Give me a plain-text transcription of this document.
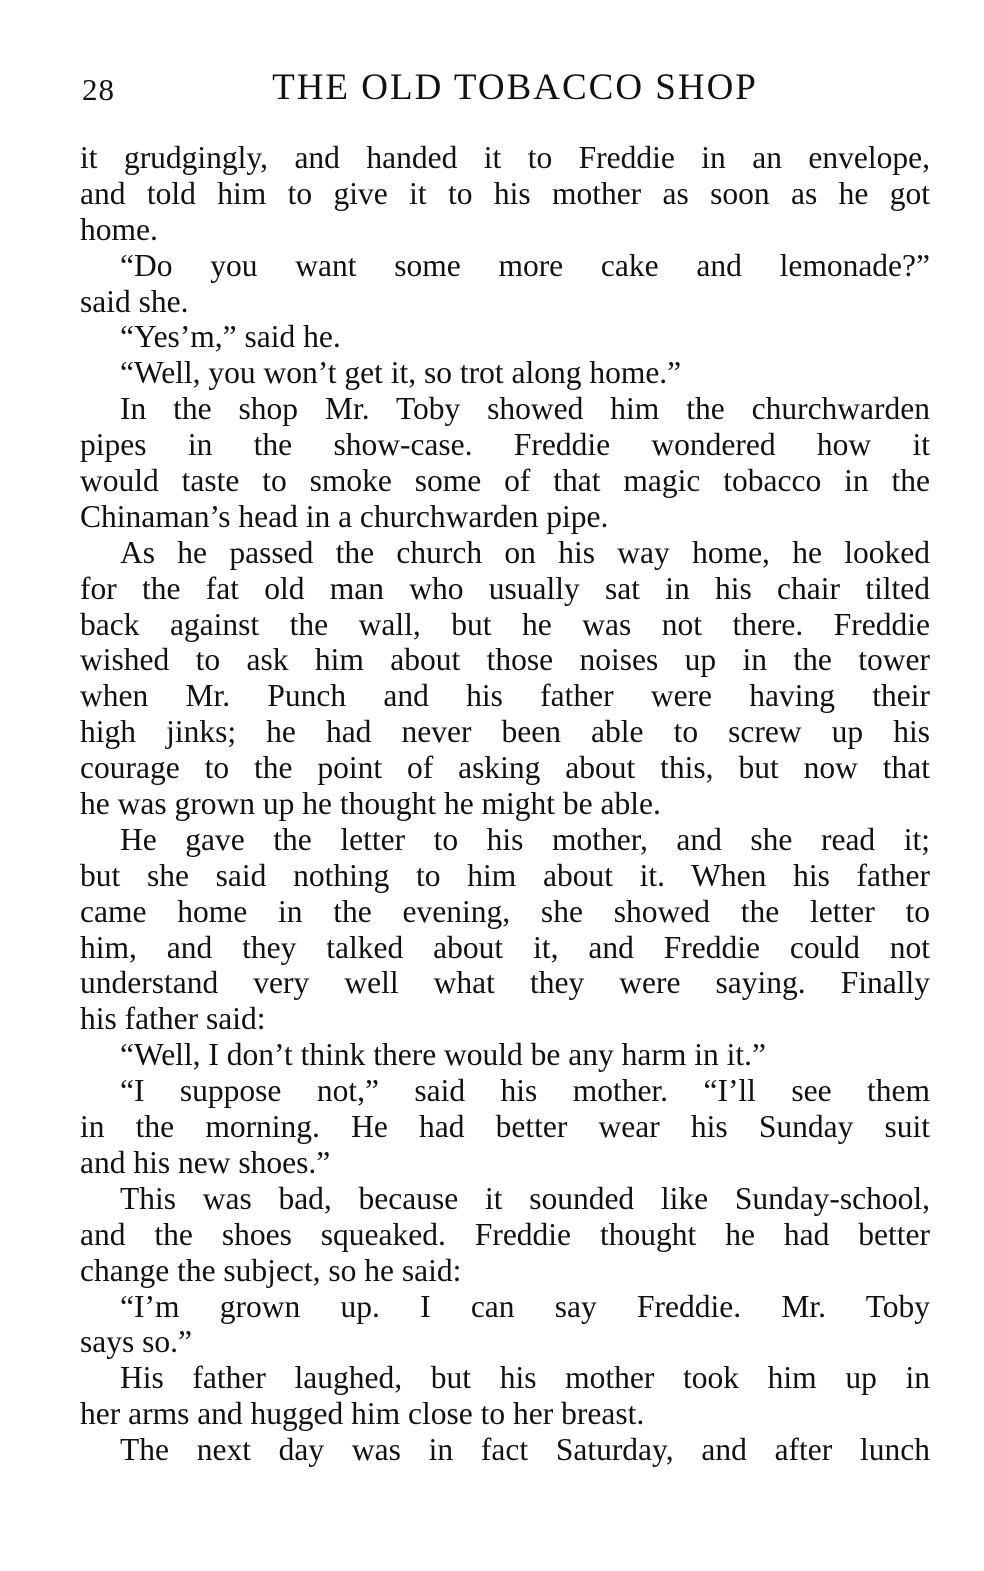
28	THE OLD TOBACCO SHOP
it grudgingly, and handed it to Freddie in an envelope,
and told him to give it to his mother as soon as he got
home.
“Do you want some more cake and lemonade?”
said she.
“Yes’m,” said he.
“Well, you won’t get it, so trot along home.”
In the shop Mr. Toby showed him the churchwarden
pipes in the show-case. Freddie wondered how it
would taste to smoke some of that magic tobacco in the
Chinaman’s head in a churchwarden pipe.
As he passed the church on his way home, he looked
for the fat old man who usually sat in his chair tilted
back against the wall, but he was not there. Freddie
wished to ask him about those noises up in the tower
when Mr. Punch and his father were having their
high jinks; he had never been able to screw up his
courage to the point of asking about this, but now that
he was grown up he thought he might be able.
He gave the letter to his mother, and she read it;
but she said nothing to him about it. When his father
came home in the evening, she showed the letter to
him, and they talked about it, and Freddie could not
understand very well what they were saying. Finally
his father said:
“Well, I don’t think there would be any harm in it.”
“I suppose not,” said his mother. “I’ll see them
in the morning. He had better wear his Sunday suit
and his new shoes.”
This was bad, because it sounded like Sunday-school,
and the shoes squeaked. Freddie thought he had better
change the subject, so he said:
“I’m grown up. I can say Freddie. Mr. Toby
says so.”
His father laughed, but his mother took him up in
her arms and hugged him close to her breast.
The next day was in fact Saturday, and after lunch
